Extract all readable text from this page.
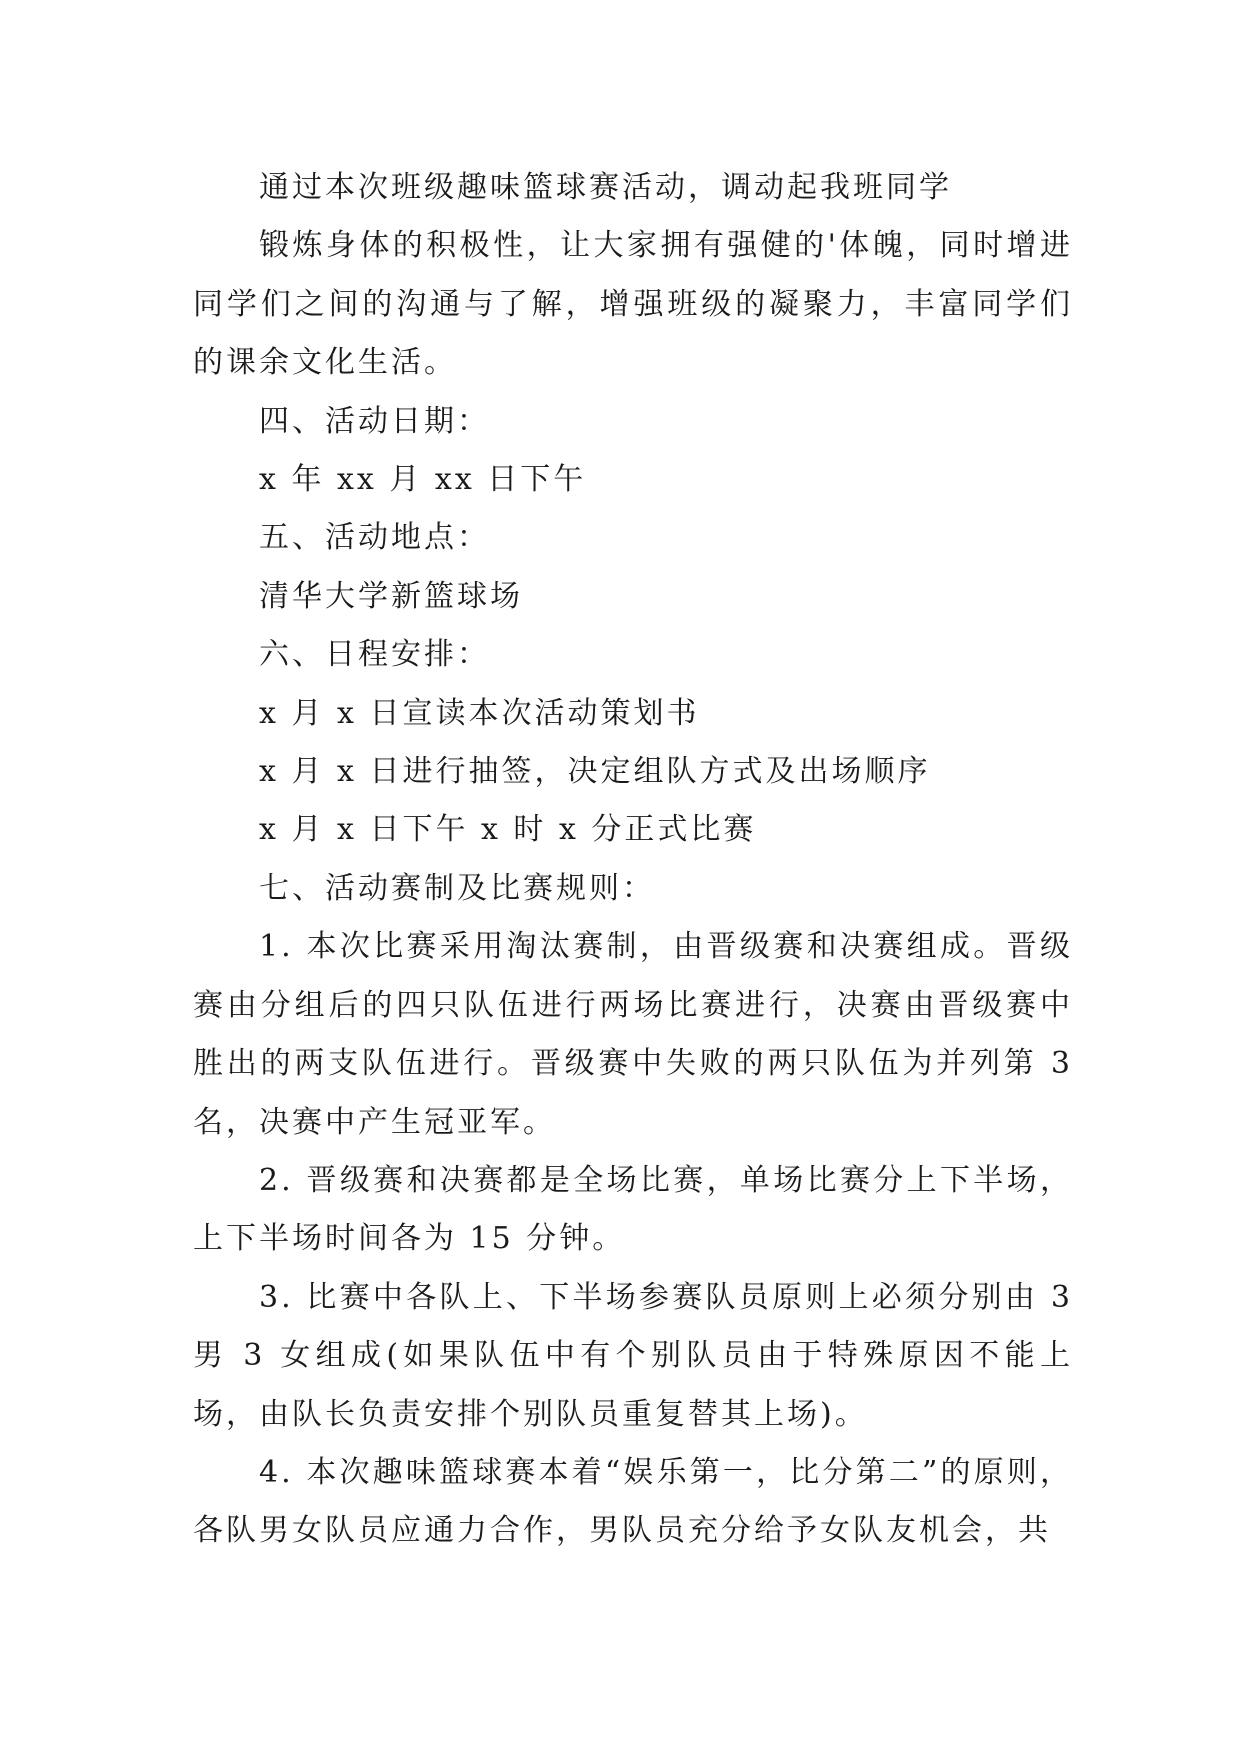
通过本次班级趣味篮球赛活动，调动起我班同学

锻炼身体的积极性，让大家拥有强健的'体魄，同时增进同学们之间的沟通与了解，增强班级的凝聚力，丰富同学们的课余文化生活。

四、活动日期：

x 年 xx 月 xx 日下午

五、活动地点：

清华大学新篮球场

六、日程安排：

x 月 x 日宣读本次活动策划书

x 月 x 日进行抽签，决定组队方式及出场顺序

x 月 x 日下午 x 时 x 分正式比赛

七、活动赛制及比赛规则：

1. 本次比赛采用淘汰赛制，由晋级赛和决赛组成。晋级赛由分组后的四只队伍进行两场比赛进行，决赛由晋级赛中胜出的两支队伍进行。晋级赛中失败的两只队伍为并列第 3 名，决赛中产生冠亚军。

2. 晋级赛和决赛都是全场比赛，单场比赛分上下半场，上下半场时间各为 15 分钟。

3. 比赛中各队上、下半场参赛队员原则上必须分别由 3 男 3 女组成(如果队伍中有个别队员由于特殊原因不能上场，由队长负责安排个别队员重复替其上场)。

4. 本次趣味篮球赛本着“娱乐第一，比分第二”的原则，各队男女队员应通力合作，男队员充分给予女队友机会，共
